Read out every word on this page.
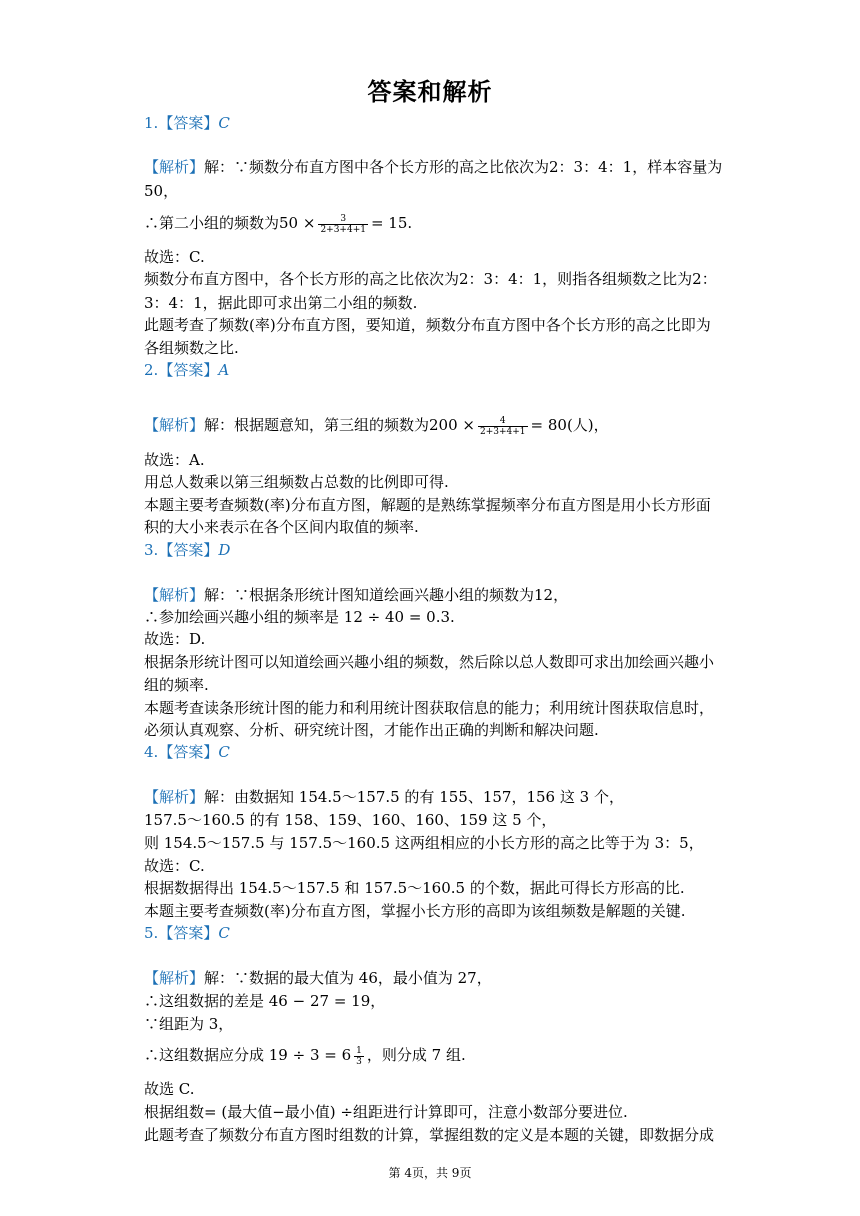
答案和解析
1.【答案】C
【解析】解：∵频数分布直方图中各个长方形的高之比依次为2：3：4：1，样本容量为
50，
∴第二小组的频数为$50 \times \frac{3}{2+3+4+1} = 15$.
故选：C.
频数分布直方图中，各个长方形的高之比依次为2：3：4：1，则指各组频数之比为2：
3：4：1，据此即可求出第二小组的频数.
此题考查了频数(率)分布直方图，要知道，频数分布直方图中各个长方形的高之比即为
各组频数之比.
2.【答案】A
【解析】解：根据题意知，第三组的频数为$200 \times \frac{4}{2+3+4+1} = 80$(人)，
故选：A.
用总人数乘以第三组频数占总数的比例即可得.
本题主要考查频数(率)分布直方图，解题的是熟练掌握频率分布直方图是用小长方形面
积的大小来表示在各个区间内取值的频率.
3.【答案】D
【解析】解：∵根据条形统计图知道绘画兴趣小组的频数为12，
∴参加绘画兴趣小组的频率是 12 ÷ 40 = 0.3.
故选：D.
根据条形统计图可以知道绘画兴趣小组的频数，然后除以总人数即可求出加绘画兴趣小
组的频率.
本题考查读条形统计图的能力和利用统计图获取信息的能力；利用统计图获取信息时，
必须认真观察、分析、研究统计图，才能作出正确的判断和解决问题.
4.【答案】C
【解析】解：由数据知 154.5～157.5 的有 155、157，156 这 3 个，
157.5～160.5 的有 158、159、160、160、159 这 5 个，
则 154.5～157.5 与 157.5～160.5 这两组相应的小长方形的高之比等于为 3：5，
故选：C.
根据数据得出 154.5～157.5 和 157.5～160.5 的个数，据此可得长方形高的比.
本题主要考查频数(率)分布直方图，掌握小长方形的高即为该组频数是解题的关键.
5.【答案】C
【解析】解：∵数据的最大值为 46，最小值为 27，
∴这组数据的差是 46 − 27 = 19，
∵组距为 3，
∴这组数据应分成 $19 \div 3 = 6 \frac{1}{3}$ ，则分成 7 组.
故选 C.
根据组数= (最大值−最小值) ÷组距进行计算即可，注意小数部分要进位.
此题考查了频数分布直方图时组数的计算，掌握组数的定义是本题的关键，即数据分成
第 4页，共 9页
